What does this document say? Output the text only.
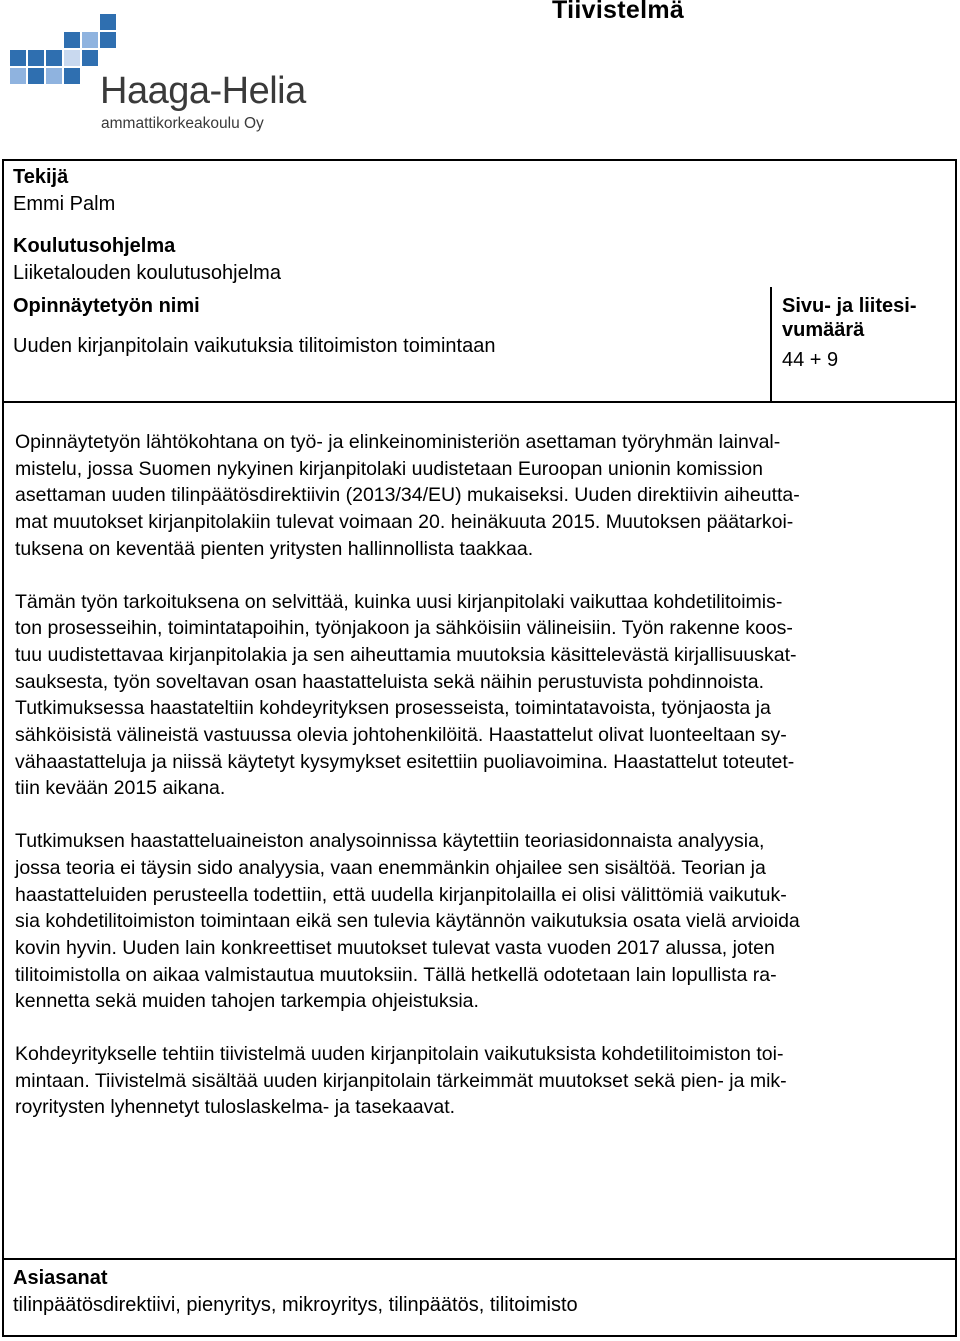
Tiivistelmä
Haaga-Helia
ammattikorkeakoulu Oy
Tekijä
Emmi Palm
Koulutusohjelma
Liiketalouden koulutusohjelma
Opinnäytetyön nimi
Uuden kirjanpitolain vaikutuksia tilitoimiston toimintaan
Sivu- ja liitesi-
vumäärä
44 + 9

Opinnäytetyön lähtökohtana on työ- ja elinkeinoministeriön asettaman työryhmän lainval-
mistelu, jossa Suomen nykyinen kirjanpitolaki uudistetaan Euroopan unionin komission
asettaman uuden tilinpäätösdirektiivin (2013/34/EU) mukaiseksi. Uuden direktiivin aiheutta-
mat muutokset kirjanpitolakiin tulevat voimaan 20. heinäkuuta 2015. Muutoksen päätarkoi-
tuksena on keventää pienten yritysten hallinnollista taakkaa.

Tämän työn tarkoituksena on selvittää, kuinka uusi kirjanpitolaki vaikuttaa kohdetilitoimis-
ton prosesseihin, toimintatapoihin, työnjakoon ja sähköisiin välineisiin. Työn rakenne koos-
tuu uudistettavaa kirjanpitolakia ja sen aiheuttamia muutoksia käsittelevästä kirjallisuuskat-
sauksesta, työn soveltavan osan haastatteluista sekä näihin perustuvista pohdinnoista.
Tutkimuksessa haastateltiin kohdeyrityksen prosesseista, toimintatavoista, työnjaosta ja
sähköisistä välineistä vastuussa olevia johtohenkilöitä. Haastattelut olivat luonteeltaan sy-
vähaastatteluja ja niissä käytetyt kysymykset esitettiin puoliavoimina. Haastattelut toteutet-
tiin kevään 2015 aikana.

Tutkimuksen haastatteluaineiston analysoinnissa käytettiin teoriasidonnaista analyysia,
jossa teoria ei täysin sido analyysia, vaan enemmänkin ohjailee sen sisältöä. Teorian ja
haastatteluiden perusteella todettiin, että uudella kirjanpitolailla ei olisi välittömiä vaikutuk-
sia kohdetilitoimiston toimintaan eikä sen tulevia käytännön vaikutuksia osata vielä arvioida
kovin hyvin. Uuden lain konkreettiset muutokset tulevat vasta vuoden 2017 alussa, joten
tilitoimistolla on aikaa valmistautua muutoksiin. Tällä hetkellä odotetaan lain lopullista ra-
kennetta sekä muiden tahojen tarkempia ohjeistuksia.

Kohdeyritykselle tehtiin tiivistelmä uuden kirjanpitolain vaikutuksista kohdetilitoimiston toi-
mintaan. Tiivistelmä sisältää uuden kirjanpitolain tärkeimmät muutokset sekä pien- ja mik-
royritysten lyhennetyt tuloslaskelma- ja tasekaavat.

Asiasanat
tilinpäätösdirektiivi, pienyritys, mikroyritys, tilinpäätös, tilitoimisto
